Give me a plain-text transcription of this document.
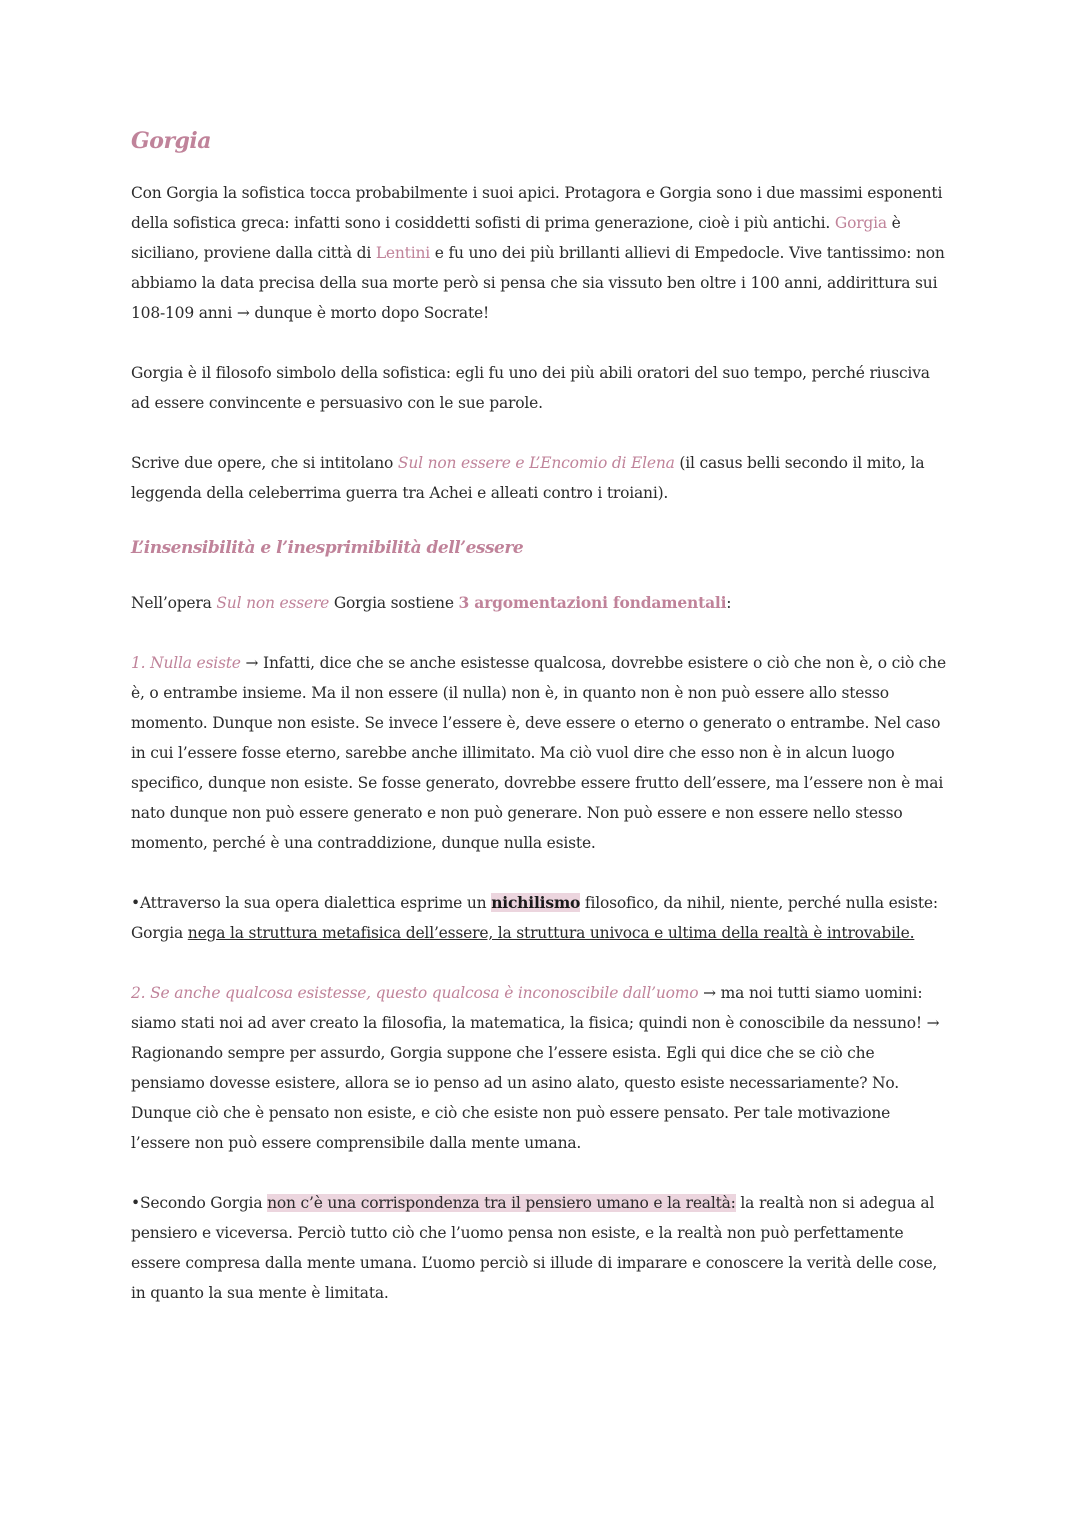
Gorgia

Con Gorgia la sofistica tocca probabilmente i suoi apici. Protagora e Gorgia sono i due massimi esponenti della sofistica greca: infatti sono i cosiddetti sofisti di prima generazione, cioè i più antichi. Gorgia è siciliano, proviene dalla città di Lentini e fu uno dei più brillanti allievi di Empedocle. Vive tantissimo: non abbiamo la data precisa della sua morte però si pensa che sia vissuto ben oltre i 100 anni, addirittura sui 108-109 anni → dunque è morto dopo Socrate!

Gorgia è il filosofo simbolo della sofistica: egli fu uno dei più abili oratori del suo tempo, perché riusciva ad essere convincente e persuasivo con le sue parole.

Scrive due opere, che si intitolano Sul non essere e L’Encomio di Elena (il casus belli secondo il mito, la leggenda della celeberrima guerra tra Achei e alleati contro i troiani).

L’insensibilità e l’inesprimibilità dell’essere

Nell’opera Sul non essere Gorgia sostiene 3 argomentazioni fondamentali:

1. Nulla esiste → Infatti, dice che se anche esistesse qualcosa, dovrebbe esistere o ciò che non è, o ciò che è, o entrambe insieme. Ma il non essere (il nulla) non è, in quanto non è non può essere allo stesso momento. Dunque non esiste. Se invece l’essere è, deve essere o eterno o generato o entrambe. Nel caso in cui l’essere fosse eterno, sarebbe anche illimitato. Ma ciò vuol dire che esso non è in alcun luogo specifico, dunque non esiste. Se fosse generato, dovrebbe essere frutto dell’essere, ma l’essere non è mai nato dunque non può essere generato e non può generare. Non può essere e non essere nello stesso momento, perché è una contraddizione, dunque nulla esiste.

•Attraverso la sua opera dialettica esprime un nichilismo filosofico, da nihil, niente, perché nulla esiste: Gorgia nega la struttura metafisica dell’essere, la struttura univoca e ultima della realtà è introvabile.

2. Se anche qualcosa esistesse, questo qualcosa è inconoscibile dall’uomo → ma noi tutti siamo uomini: siamo stati noi ad aver creato la filosofia, la matematica, la fisica; quindi non è conoscibile da nessuno! → Ragionando sempre per assurdo, Gorgia suppone che l’essere esista. Egli qui dice che se ciò che pensiamo dovesse esistere, allora se io penso ad un asino alato, questo esiste necessariamente? No. Dunque ciò che è pensato non esiste, e ciò che esiste non può essere pensato. Per tale motivazione l’essere non può essere comprensibile dalla mente umana.

•Secondo Gorgia non c’è una corrispondenza tra il pensiero umano e la realtà: la realtà non si adegua al pensiero e viceversa. Perciò tutto ciò che l’uomo pensa non esiste, e la realtà non può perfettamente essere compresa dalla mente umana. L’uomo perciò si illude di imparare e conoscere la verità delle cose, in quanto la sua mente è limitata.
